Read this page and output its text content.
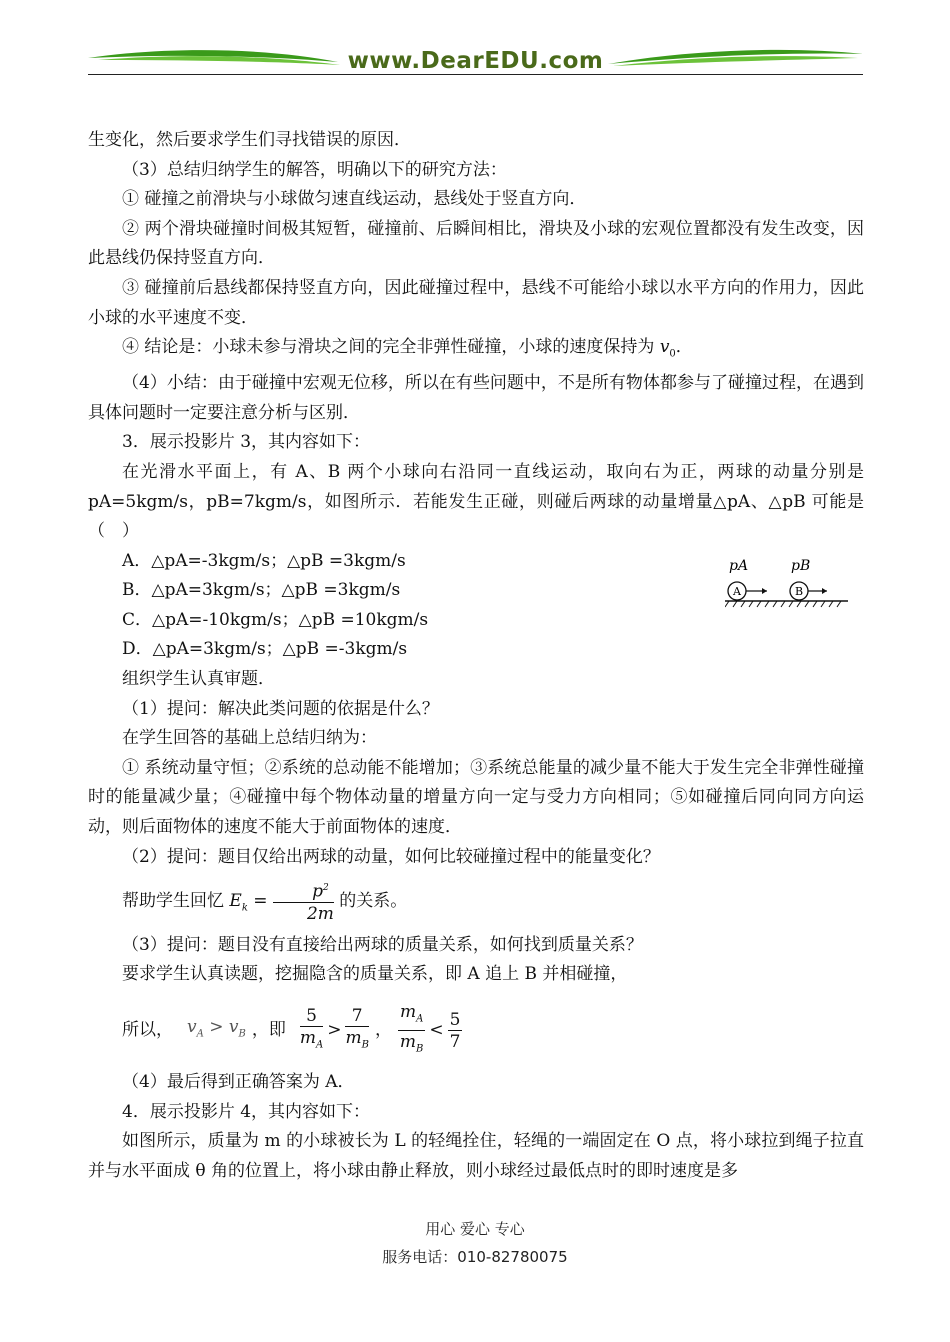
www.DearEDU.com

生变化，然后要求学生们寻找错误的原因．

（3）总结归纳学生的解答，明确以下的研究方法：

① 碰撞之前滑块与小球做匀速直线运动，悬线处于竖直方向．

② 两个滑块碰撞时间极其短暂，碰撞前、后瞬间相比，滑块及小球的宏观位置都没有发生改变，因此悬线仍保持竖直方向．

③ 碰撞前后悬线都保持竖直方向，因此碰撞过程中，悬线不可能给小球以水平方向的作用力，因此小球的水平速度不变．

④ 结论是：小球未参与滑块之间的完全非弹性碰撞，小球的速度保持为 $v_0$．

（4）小结：由于碰撞中宏观无位移，所以在有些问题中，不是所有物体都参与了碰撞过程，在遇到具体问题时一定要注意分析与区别．

3．展示投影片 3，其内容如下：

在光滑水平面上，有 A、B 两个小球向右沿同一直线运动，取向右为正，两球的动量分别是 pA=5kgm/s，pB=7kgm/s，如图所示．若能发生正碰，则碰后两球的动量增量△pA、△pB 可能是（　）

A．△pA=-3kgm/s；△pB =3kgm/s

B．△pA=3kgm/s；△pB =3kgm/s

C．△pA=-10kgm/s；△pB =10kgm/s

D．△pA=3kgm/s；△pB =-3kgm/s

组织学生认真审题．

（1）提问：解决此类问题的依据是什么？

在学生回答的基础上总结归纳为：

① 系统动量守恒；②系统的总动能不能增加；③系统总能量的减少量不能大于发生完全非弹性碰撞时的能量减少量；④碰撞中每个物体动量的增量方向一定与受力方向相同；⑤如碰撞后同向同方向运动，则后面物体的速度不能大于前面物体的速度．

（2）提问：题目仅给出两球的动量，如何比较碰撞过程中的能量变化？

帮助学生回忆 $E_k = \frac{p^2}{2m}$ 的关系。

（3）提问：题目没有直接给出两球的质量关系，如何找到质量关系？

要求学生认真读题，挖掘隐含的质量关系，即 A 追上 B 并相碰撞，

所以， $v_A > v_B$ ，即 $\frac{5}{m_A} > \frac{7}{m_B}$ ， $\frac{m_A}{m_B} < \frac{5}{7}$

（4）最后得到正确答案为 A．

4．展示投影片 4，其内容如下：

如图所示，质量为 m 的小球被长为 L 的轻绳拴住，轻绳的一端固定在 O 点，将小球拉到绳子拉直并与水平面成 θ 角的位置上，将小球由静止释放，则小球经过最低点时的即时速度是多

pA	pB
A	B
用心 爱心 专心
服务电话：010-82780075
